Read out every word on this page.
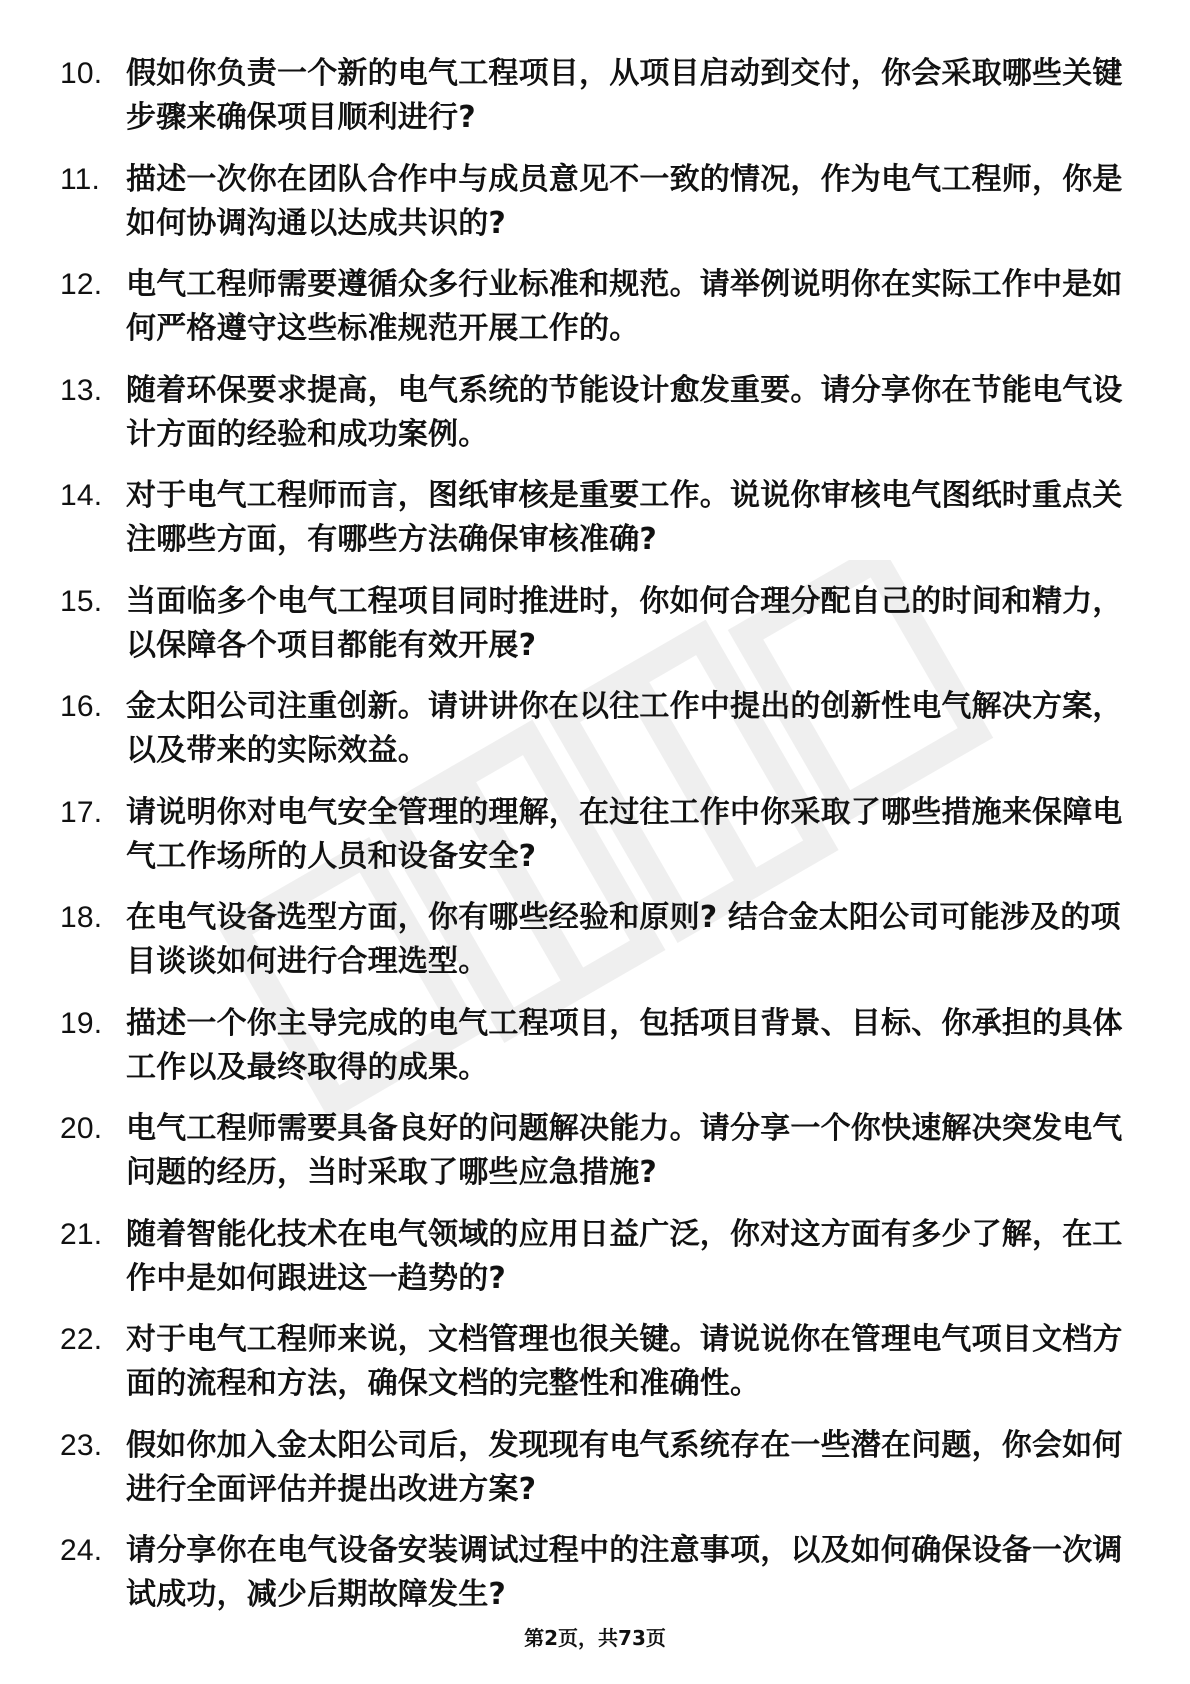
10. 假如你负责一个新的电气工程项目，从项目启动到交付，你会采取哪些关键步骤来确保项目顺利进行?
11. 描述一次你在团队合作中与成员意见不一致的情况，作为电气工程师，你是如何协调沟通以达成共识的?
12. 电气工程师需要遵循众多行业标准和规范。请举例说明你在实际工作中是如何严格遵守这些标准规范开展工作的。
13. 随着环保要求提高，电气系统的节能设计愈发重要。请分享你在节能电气设计方面的经验和成功案例。
14. 对于电气工程师而言，图纸审核是重要工作。说说你审核电气图纸时重点关注哪些方面，有哪些方法确保审核准确?
15. 当面临多个电气工程项目同时推进时，你如何合理分配自己的时间和精力，以保障各个项目都能有效开展?
16. 金太阳公司注重创新。请讲讲你在以往工作中提出的创新性电气解决方案，以及带来的实际效益。
17. 请说明你对电气安全管理的理解，在过往工作中你采取了哪些措施来保障电气工作场所的人员和设备安全?
18. 在电气设备选型方面，你有哪些经验和原则? 结合金太阳公司可能涉及的项目谈谈如何进行合理选型。
19. 描述一个你主导完成的电气工程项目，包括项目背景、目标、你承担的具体工作以及最终取得的成果。
20. 电气工程师需要具备良好的问题解决能力。请分享一个你快速解决突发电气问题的经历，当时采取了哪些应急措施?
21. 随着智能化技术在电气领域的应用日益广泛，你对这方面有多少了解，在工作中是如何跟进这一趋势的?
22. 对于电气工程师来说，文档管理也很关键。请说说你在管理电气项目文档方面的流程和方法，确保文档的完整性和准确性。
23. 假如你加入金太阳公司后，发现现有电气系统存在一些潜在问题，你会如何进行全面评估并提出改进方案?
24. 请分享你在电气设备安装调试过程中的注意事项，以及如何确保设备一次调试成功，减少后期故障发生?
第2页，共73页
